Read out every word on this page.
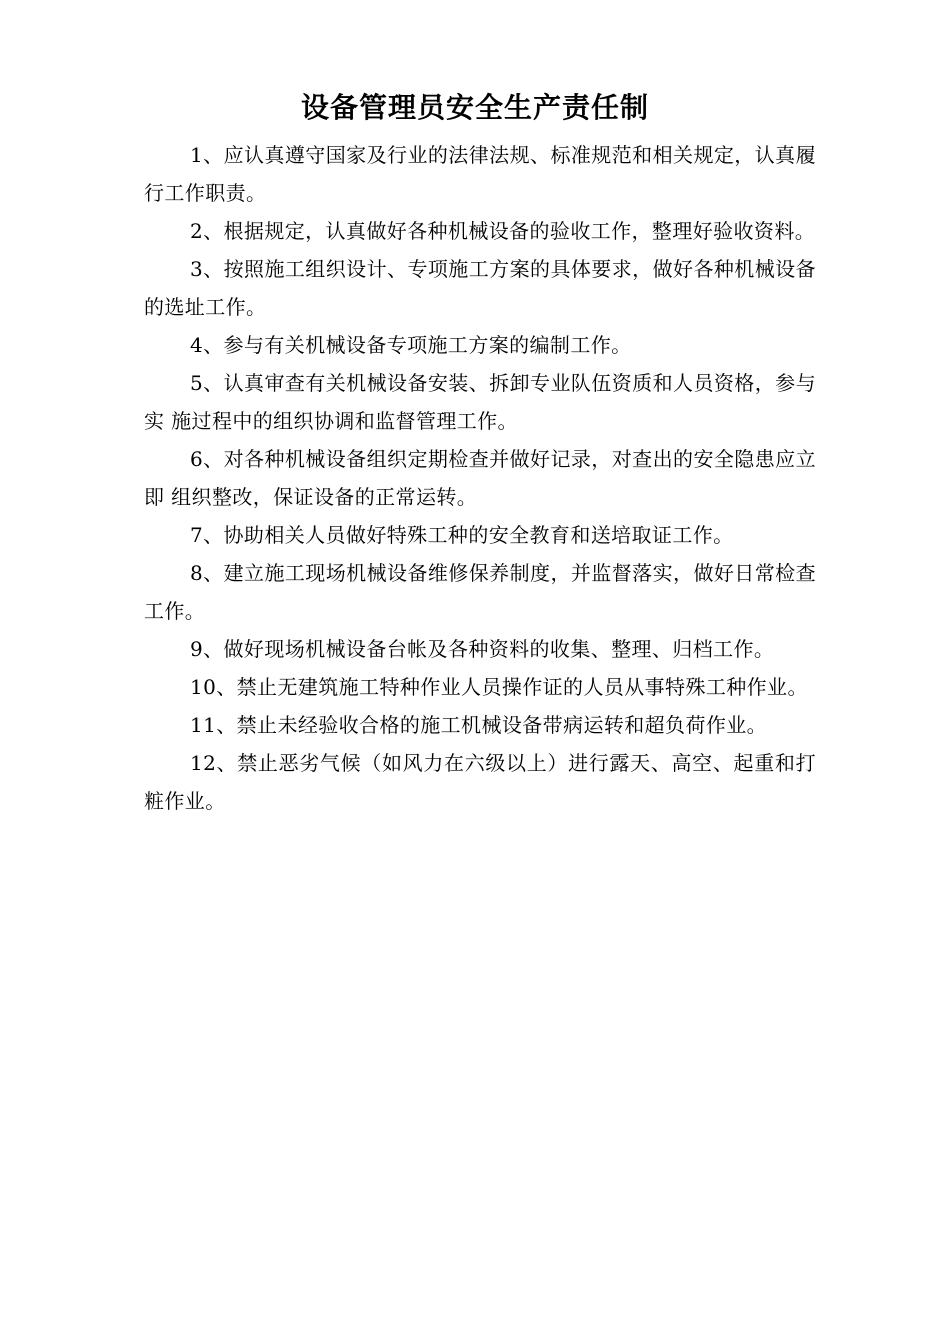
设备管理员安全生产责任制

1、应认真遵守国家及行业的法律法规、标准规范和相关规定，认真履行工作职责。

2、根据规定，认真做好各种机械设备的验收工作，整理好验收资料。

3、按照施工组织设计、专项施工方案的具体要求，做好各种机械设备的选址工作。

4、参与有关机械设备专项施工方案的编制工作。

5、认真审查有关机械设备安装、拆卸专业队伍资质和人员资格，参与实 施过程中的组织协调和监督管理工作。

6、对各种机械设备组织定期检查并做好记录，对查出的安全隐患应立即 组织整改，保证设备的正常运转。

7、协助相关人员做好特殊工种的安全教育和送培取证工作。

8、建立施工现场机械设备维修保养制度，并监督落实，做好日常检查工作。

9、做好现场机械设备台帐及各种资料的收集、整理、归档工作。

10、禁止无建筑施工特种作业人员操作证的人员从事特殊工种作业。

11、禁止未经验收合格的施工机械设备带病运转和超负荷作业。

12、禁止恶劣气候（如风力在六级以上）进行露天、高空、起重和打粧作业。
